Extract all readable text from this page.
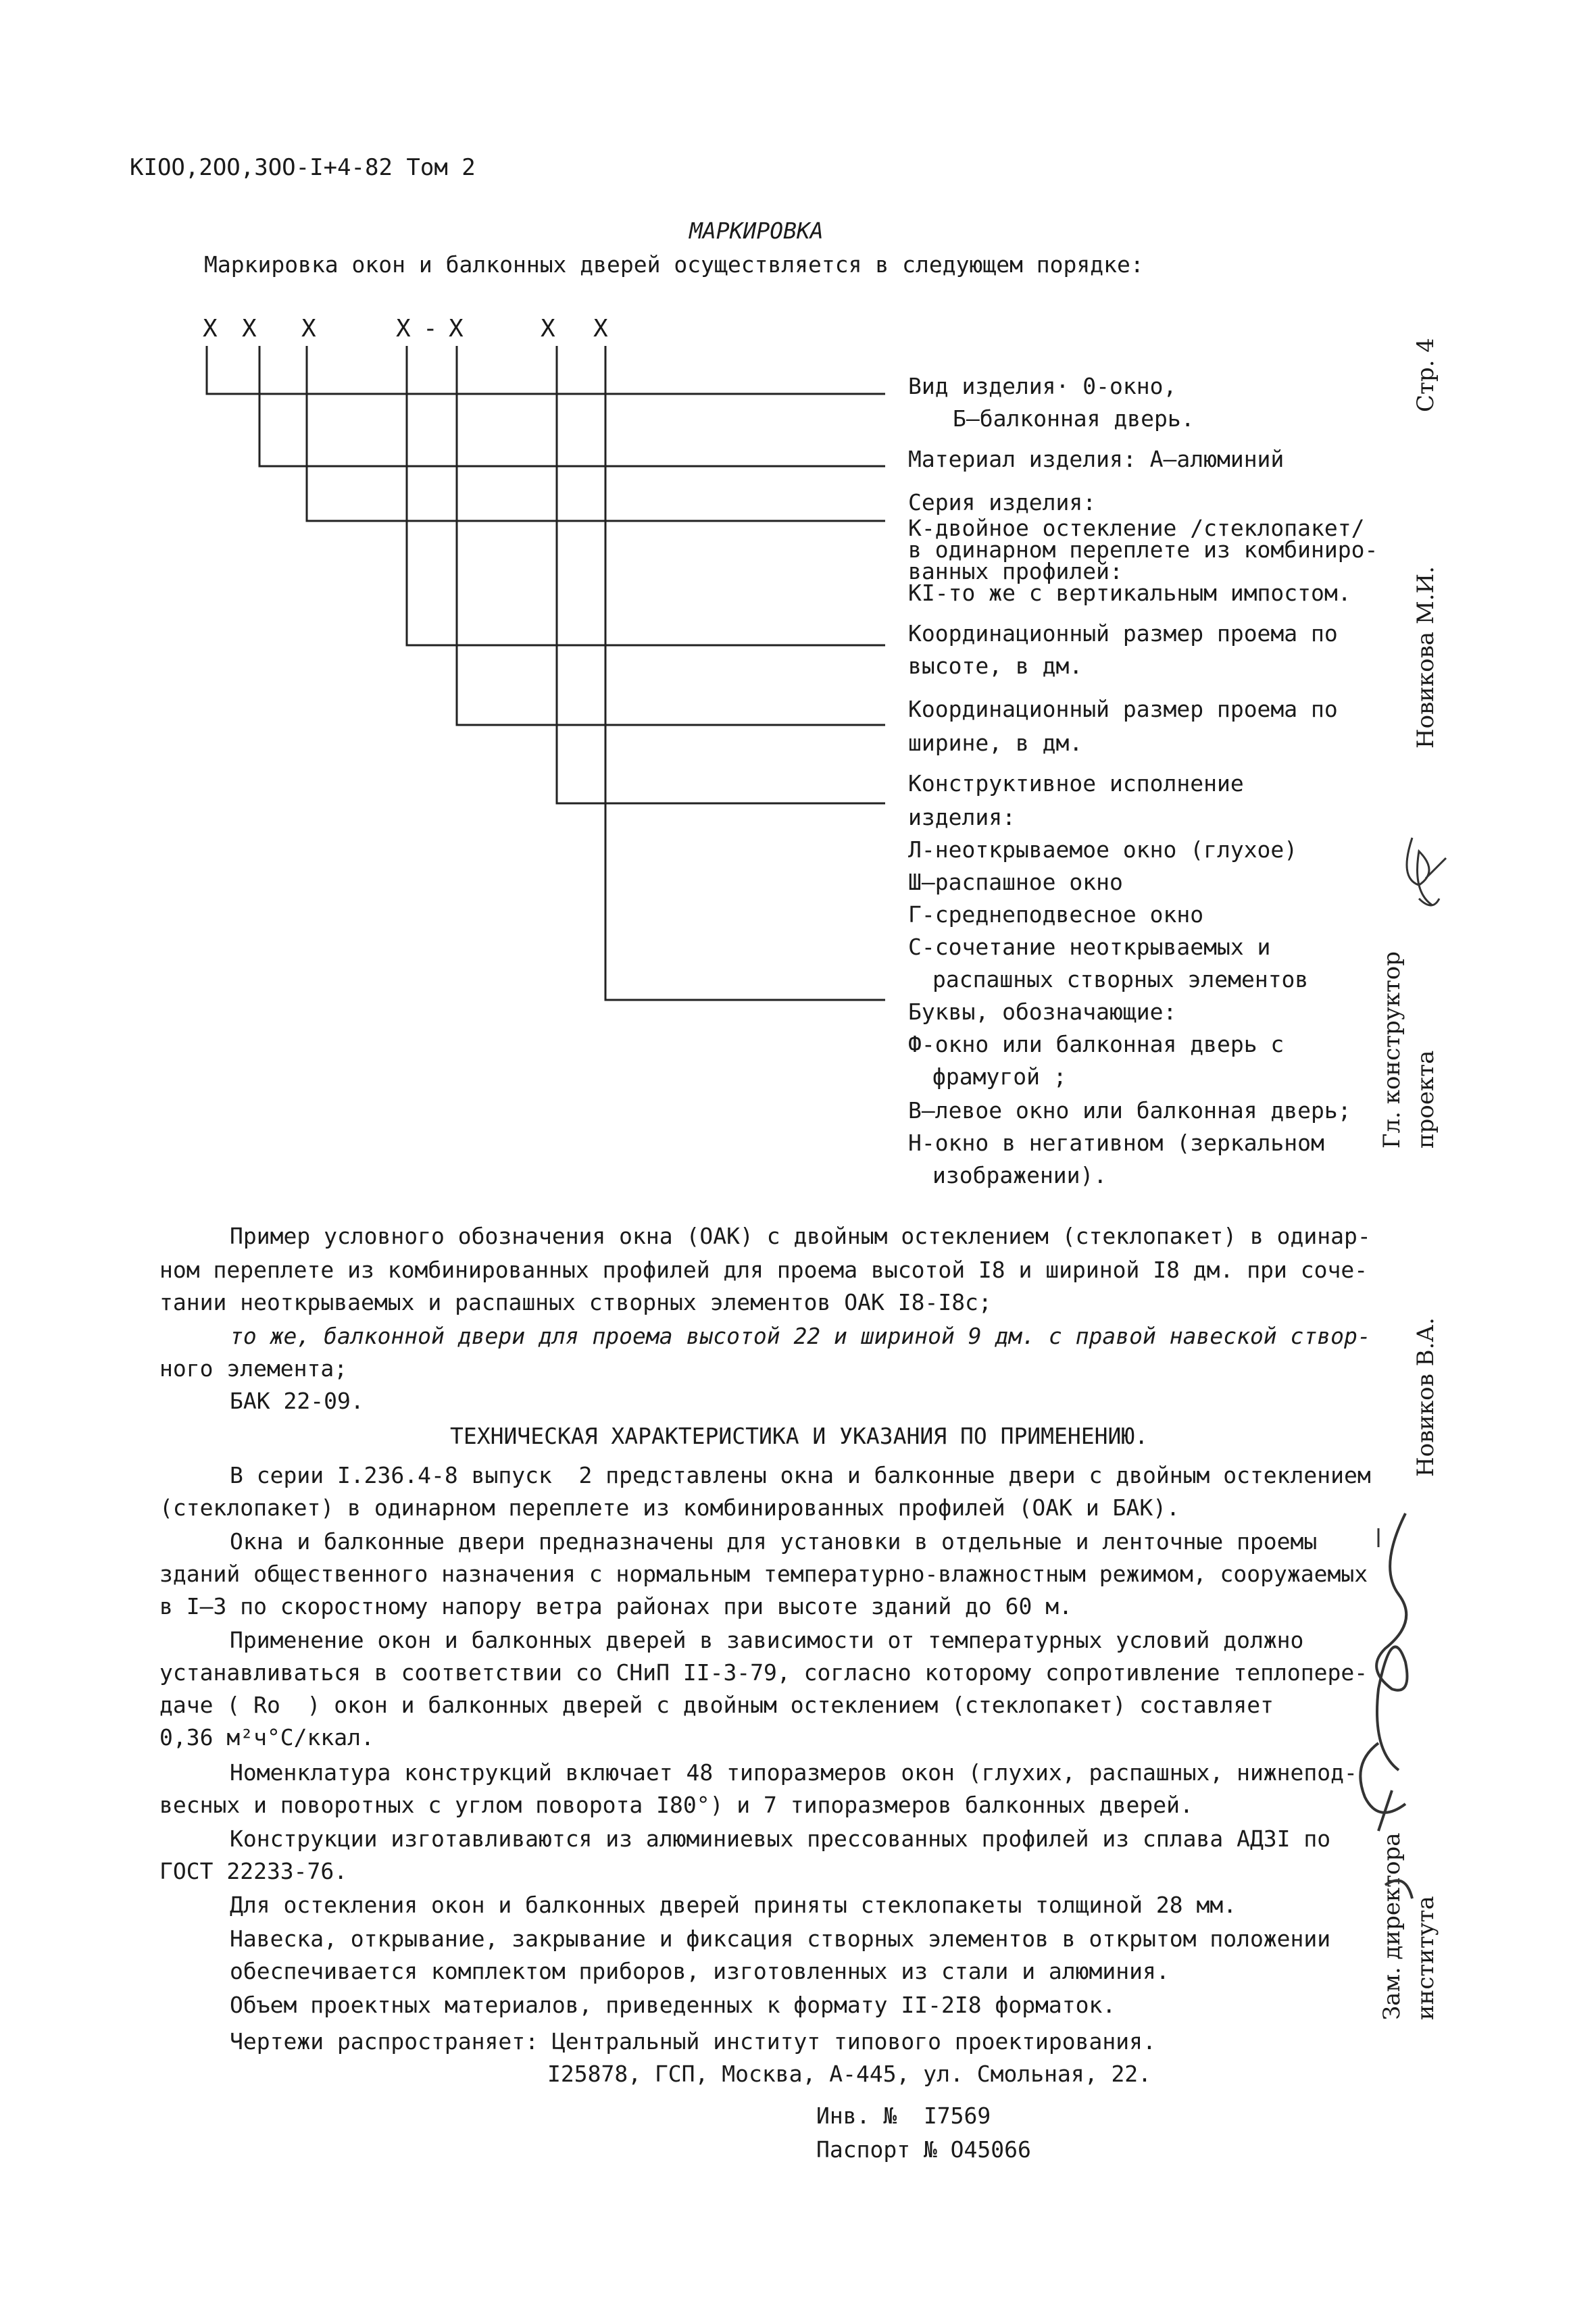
КIОО,2ОО,3ОО-I+4-82 Том 2
МАРКИРОВКА
Маркировка окон и балконных дверей осуществляется в следующем порядке:
Х Х Х	Х - Х	Х Х
Вид изделия· 0-окно,
Б–балконная дверь.
Материал изделия: А–алюминий
Серия изделия:
К-двойное остекление /стеклопакет/
в одинарном переплете из комбиниро-
ванных профилей:
КI-то же с вертикальным импостом.
Координационный размер проема по
высоте, в дм.
Координационный размер проема по
ширине, в дм.
Конструктивное исполнение
изделия:
Л-неоткрываемое окно (глухое)
Ш–распашное окно
Г-среднеподвесное окно
С-сочетание неоткрываемых и
распашных створных элементов
Буквы, обозначающие:
Ф-окно или балконная дверь с
фрамугой ;
В–левое окно или балконная дверь;
Н-окно в негативном (зеркальном
изображении).
Пример условного обозначения окна (ОАК) с двойным остеклением (стеклопакет) в одинар-
ном переплете из комбинированных профилей для проема высотой I8 и шириной I8 дм. при сочe-
тании неоткрываемых и распашных створных элементов ОАК I8-I8с;
то же, балконной двери для проема высотой 22 и шириной 9 дм. с правой навеской створ-
ного элемента;
БАК 22-09.
ТЕХНИЧЕСКАЯ ХАРАКТЕРИСТИКА И УКАЗАНИЯ ПО ПРИМЕНЕНИЮ.
В серии I.236.4-8 выпуск  2 представлены окна и балконные двери с двойным остеклением
(стеклопакет) в одинарном переплете из комбинированных профилей (ОАК и БАК).
Окна и балконные двери предназначены для установки в отдельные и ленточные проемы
зданий общественного назначения с нормальным температурно-влажностным режимом, сооружаемых
в I–3 по скоростному напору ветра районах при высоте зданий до 60 м.
Применение окон и балконных дверей в зависимости от температурных условий должно
устанавливаться в соответствии со СНиП II-3-79, согласно которому сопротивление теплопере-
даче ( Rо  ) окон и балконных дверей с двойным остеклением (стеклопакет) составляет
0,36 м²ч°С/ккал.
Номенклатура конструкций включает 48 типоразмеров окон (глухих, распашных, нижнепод-
весных и поворотных с углом поворота I80°) и 7 типоразмеров балконных дверей.
Конструкции изготавливаются из алюминиевых прессованных профилей из сплава АДЗI по
ГОСТ 22233-76.
Для остекления окон и балконных дверей приняты стеклопакеты толщиной 28 мм.
Навеска, открывание, закрывание и фиксация створных элементов в открытом положении
обеспечивается комплектом приборов, изготовленных из стали и алюминия.
Объем проектных материалов, приведенных к формату II-2I8 форматок.
Чертежи распространяет: Центральный институт типового проектирования.
I25878, ГСП, Москва, А-445, ул. Смольная, 22.
Инв. №  I7569
Паспорт № О45066
Стр. 4
Новикова М.И.
Гл. конструктор проекта
Новиков В.А.
Зам. директора института
